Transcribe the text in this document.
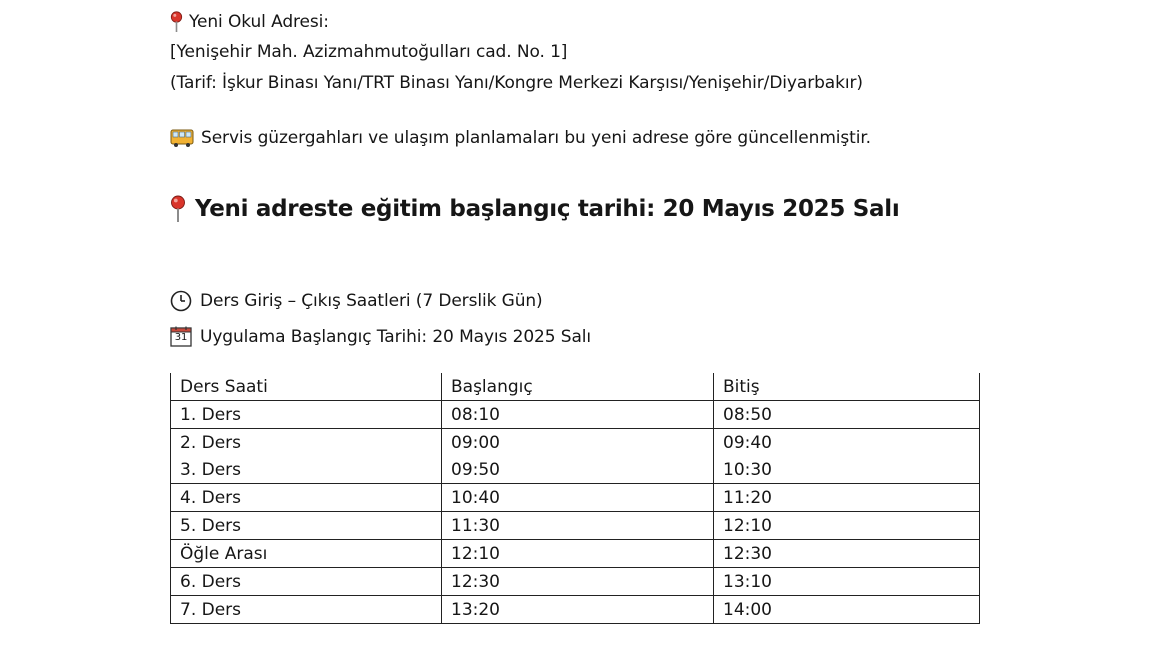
Yeni Okul Adresi:
[Yenişehir Mah. Azizmahmutoğulları cad. No. 1]
(Tarif: İşkur Binası Yanı/TRT Binası Yanı/Kongre Merkezi Karşısı/Yenişehir/Diyarbakır)
Servis güzergahları ve ulaşım planlamaları bu yeni adrese göre güncellenmiştir.
Yeni adreste eğitim başlangıç tarihi: 20 Mayıs 2025 Salı
Ders Giriş – Çıkış Saatleri (7 Derslik Gün)
31 Uygulama Başlangıç Tarihi: 20 Mayıs 2025 Salı
Ders Saati	Başlangıç	Bitiş
1. Ders	08:10	08:50
2. Ders	09:00	09:40
3. Ders	09:50	10:30
4. Ders	10:40	11:20
5. Ders	11:30	12:10
Öğle Arası	12:10	12:30
6. Ders	12:30	13:10
7. Ders	13:20	14:00
